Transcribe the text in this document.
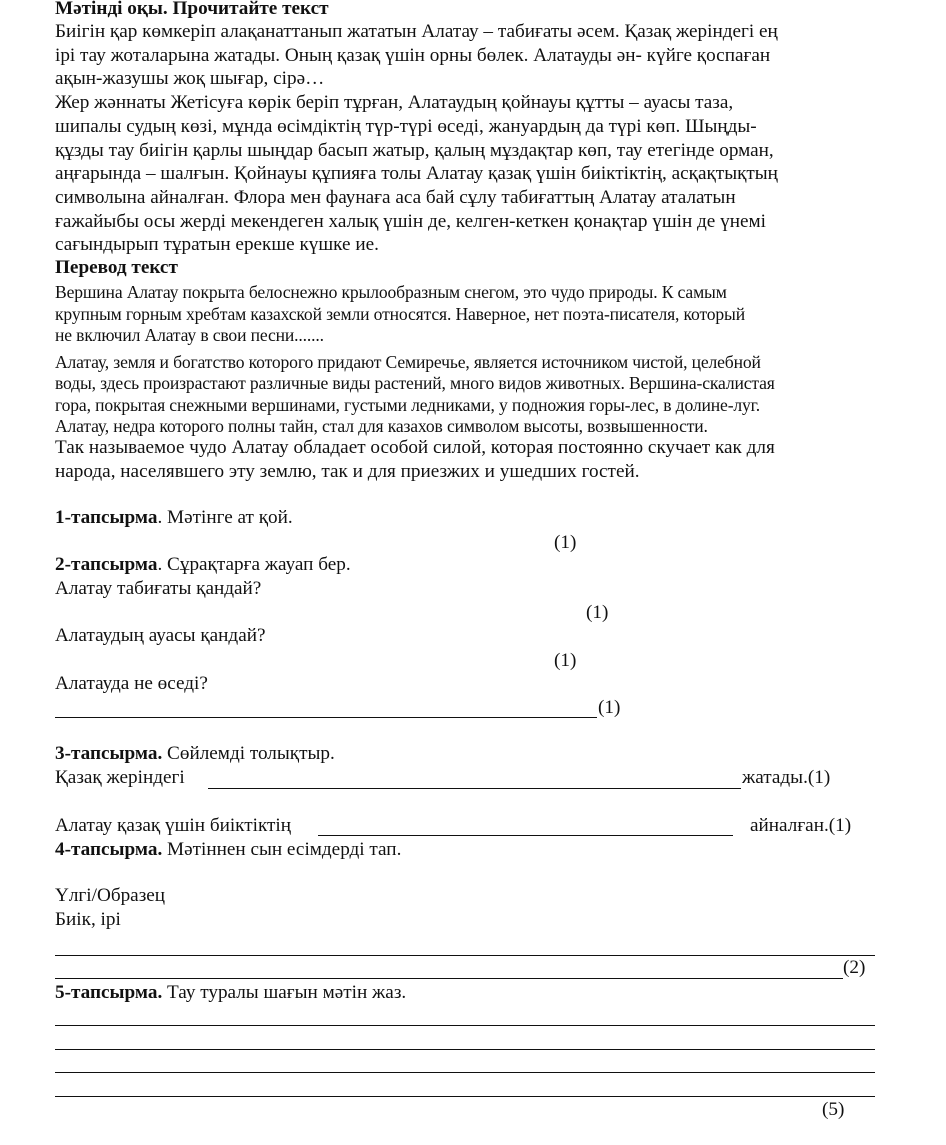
Мәтінді оқы. Прочитайте текст
Биігін қар көмкеріп алақанаттанып жататын Алатау – табиғаты әсем. Қазақ жеріндегі ең
ірі тау жоталарына жатады. Оның қазақ үшін орны бөлек. Алатауды ән- күйге қоспаған
ақын-жазушы жоқ шығар, сірә…
Жер жәннаты Жетісуға көрік беріп тұрған, Алатаудың қойнауы құтты – ауасы таза,
шипалы судың көзі, мұнда өсімдіктің түр-түрі өседі, жануардың да түрі көп. Шыңды-
құзды тау биігін қарлы шыңдар басып жатыр, қалың мұздақтар көп, тау етегінде орман,
аңғарында – шалғын. Қойнауы құпияға толы Алатау қазақ үшін биіктіктің, асқақтықтың
символына айналған. Флора мен фаунаға аса бай сұлу табиғаттың Алатау аталатын
ғажайыбы осы жерді мекендеген халық үшін де, келген-кеткен қонақтар үшін де үнемі
сағындырып тұратын ерекше күшке ие.
Перевод текст
Вершина Алатау покрыта белоснежно крылообразным снегом, это чудо природы. К самым
крупным горным хребтам казахской земли относятся. Наверное, нет поэта-писателя, который
не включил Алатау в свои песни.......
Алатау, земля и богатство которого придают Семиречье, является источником чистой, целебной
воды, здесь произрастают различные виды растений, много видов животных. Вершина-скалистая
гора, покрытая снежными вершинами, густыми ледниками, у подножия горы-лес, в долине-луг.
Алатау, недра которого полны тайн, стал для казахов символом высоты, возвышенности.
Так называемое чудо Алатау обладает особой силой, которая постоянно скучает как для
народа, населявшего эту землю, так и для приезжих и ушедших гостей.
1-тапсырма. Мәтінге ат қой.
(1)
2-тапсырма. Сұрақтарға жауап бер.
Алатау табиғаты қандай?
(1)
Алатаудың ауасы қандай?
(1)
Алатауда не өседі?
(1)
3-тапсырма. Сөйлемді толықтыр.
Қазақ жеріндегі	жатады.(1)
Алатау қазақ үшін биіктіктің	айналған.(1)
4-тапсырма. Мәтіннен сын есімдерді тап.
Үлгі/Образец
Биік, ірі
(2)
5-тапсырма. Тау туралы шағын мәтін жаз.
(5)
